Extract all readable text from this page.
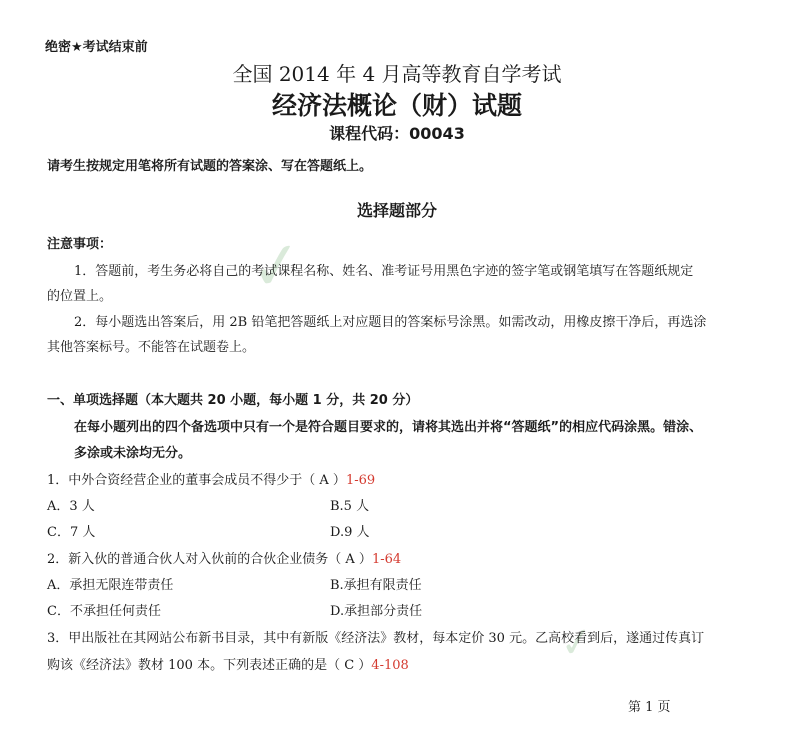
✓
✓
绝密★考试结束前
全国 2014 年 4 月高等教育自学考试
经济法概论（财）试题
课程代码：00043
请考生按规定用笔将所有试题的答案涂、写在答题纸上。
选择题部分
注意事项：
1．答题前，考生务必将自己的考试课程名称、姓名、准考证号用黑色字迹的签字笔或钢笔填写在答题纸规定
的位置上。
2．每小题选出答案后，用 2B 铅笔把答题纸上对应题目的答案标号涂黑。如需改动，用橡皮擦干净后，再选涂
其他答案标号。不能答在试题卷上。
一、单项选择题（本大题共 20 小题，每小题 1 分，共 20 分）
在每小题列出的四个备选项中只有一个是符合题目要求的，请将其选出并将“答题纸”的相应代码涂黑。错涂、
多涂或未涂均无分。
1．中外合资经营企业的董事会成员不得少于（ A ）1-69
A．3 人	B.5 人
C．7 人	D.9 人
2．新入伙的普通合伙人对入伙前的合伙企业债务（ A ）1-64
A．承担无限连带责任	B.承担有限责任
C．不承担任何责任	D.承担部分责任
3．甲出版社在其网站公布新书目录，其中有新版《经济法》教材，每本定价 30 元。乙高校看到后，遂通过传真订
购该《经济法》教材 100 本。下列表述正确的是（ C ）4-108
第 1 页
